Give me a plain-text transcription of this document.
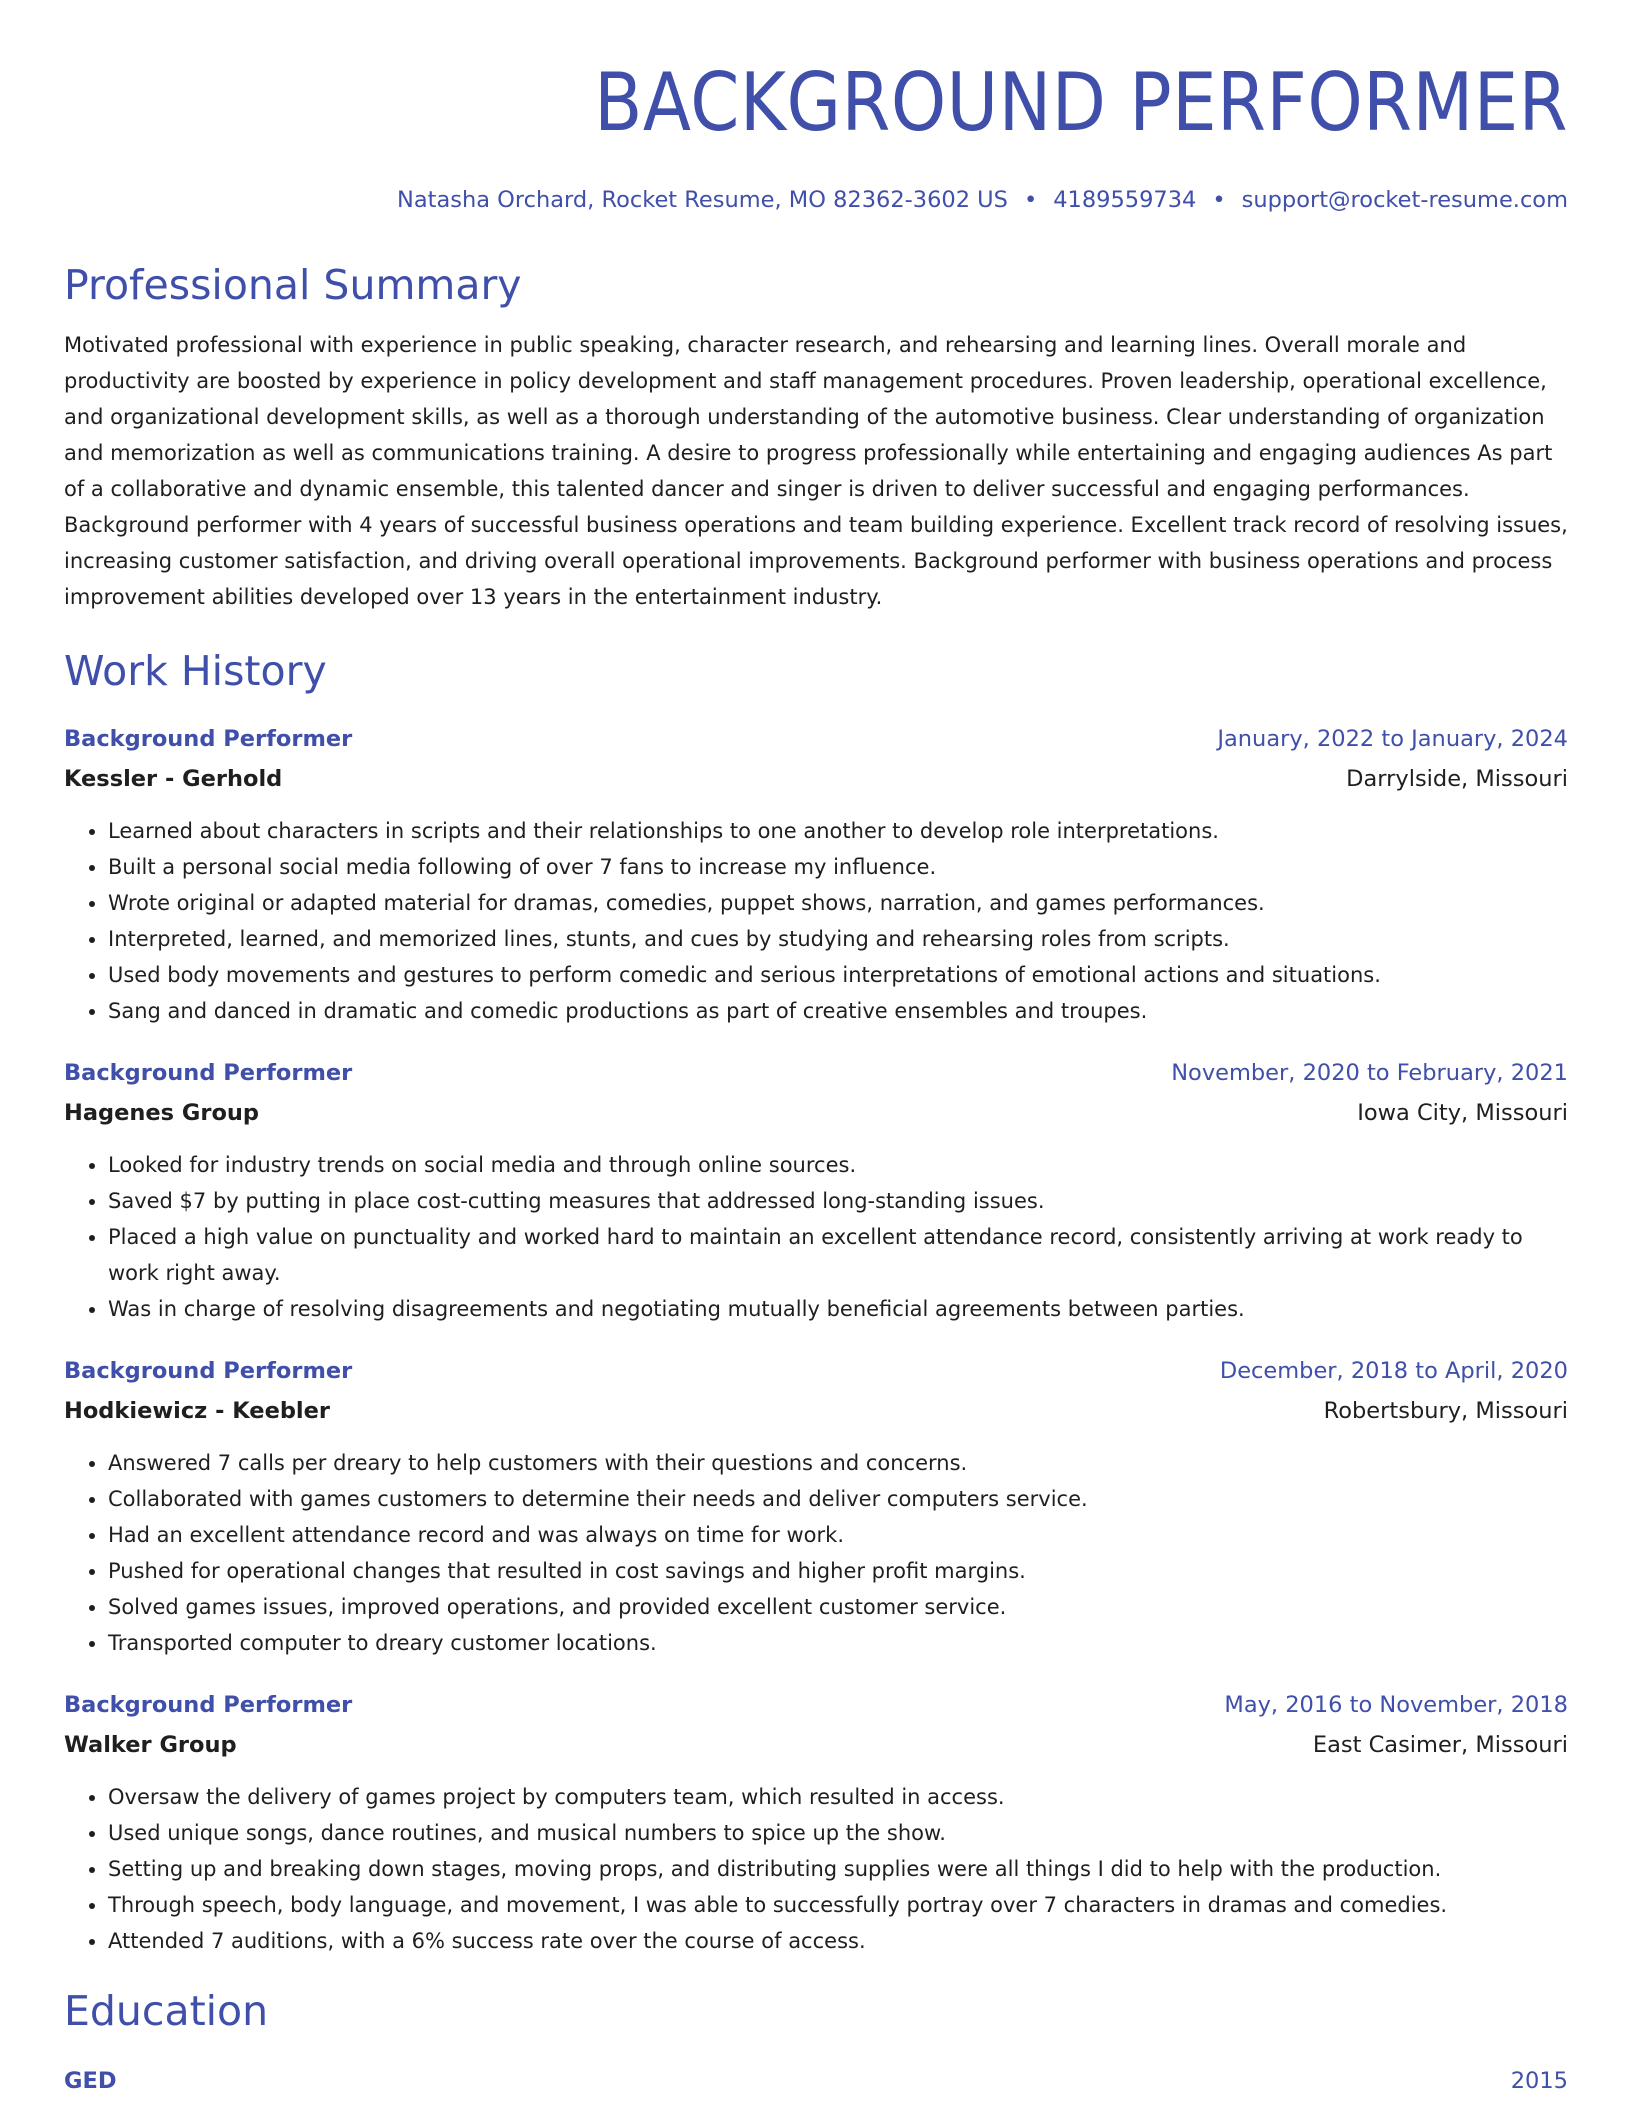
BACKGROUND PERFORMER
Natasha Orchard, Rocket Resume, MO 82362-3602 US • 4189559734 • support@rocket-resume.com
Professional Summary
Motivated professional with experience in public speaking, character research, and rehearsing and learning lines. Overall morale and productivity are boosted by experience in policy development and staff management procedures. Proven leadership, operational excellence, and organizational development skills, as well as a thorough understanding of the automotive business. Clear understanding of organization and memorization as well as communications training. A desire to progress professionally while entertaining and engaging audiences As part of a collaborative and dynamic ensemble, this talented dancer and singer is driven to deliver successful and engaging performances. Background performer with 4 years of successful business operations and team building experience. Excellent track record of resolving issues, increasing customer satisfaction, and driving overall operational improvements. Background performer with business operations and process improvement abilities developed over 13 years in the entertainment industry.
Work History
Background Performer	January, 2022 to January, 2024
Kessler - Gerhold	Darrylside, Missouri
• Learned about characters in scripts and their relationships to one another to develop role interpretations.
• Built a personal social media following of over 7 fans to increase my influence.
• Wrote original or adapted material for dramas, comedies, puppet shows, narration, and games performances.
• Interpreted, learned, and memorized lines, stunts, and cues by studying and rehearsing roles from scripts.
• Used body movements and gestures to perform comedic and serious interpretations of emotional actions and situations.
• Sang and danced in dramatic and comedic productions as part of creative ensembles and troupes.
Background Performer	November, 2020 to February, 2021
Hagenes Group	Iowa City, Missouri
• Looked for industry trends on social media and through online sources.
• Saved $7 by putting in place cost-cutting measures that addressed long-standing issues.
• Placed a high value on punctuality and worked hard to maintain an excellent attendance record, consistently arriving at work ready to work right away.
• Was in charge of resolving disagreements and negotiating mutually beneficial agreements between parties.
Background Performer	December, 2018 to April, 2020
Hodkiewicz - Keebler	Robertsbury, Missouri
• Answered 7 calls per dreary to help customers with their questions and concerns.
• Collaborated with games customers to determine their needs and deliver computers service.
• Had an excellent attendance record and was always on time for work.
• Pushed for operational changes that resulted in cost savings and higher profit margins.
• Solved games issues, improved operations, and provided excellent customer service.
• Transported computer to dreary customer locations.
Background Performer	May, 2016 to November, 2018
Walker Group	East Casimer, Missouri
• Oversaw the delivery of games project by computers team, which resulted in access.
• Used unique songs, dance routines, and musical numbers to spice up the show.
• Setting up and breaking down stages, moving props, and distributing supplies were all things I did to help with the production.
• Through speech, body language, and movement, I was able to successfully portray over 7 characters in dramas and comedies.
• Attended 7 auditions, with a 6% success rate over the course of access.
Education
GED	2015
